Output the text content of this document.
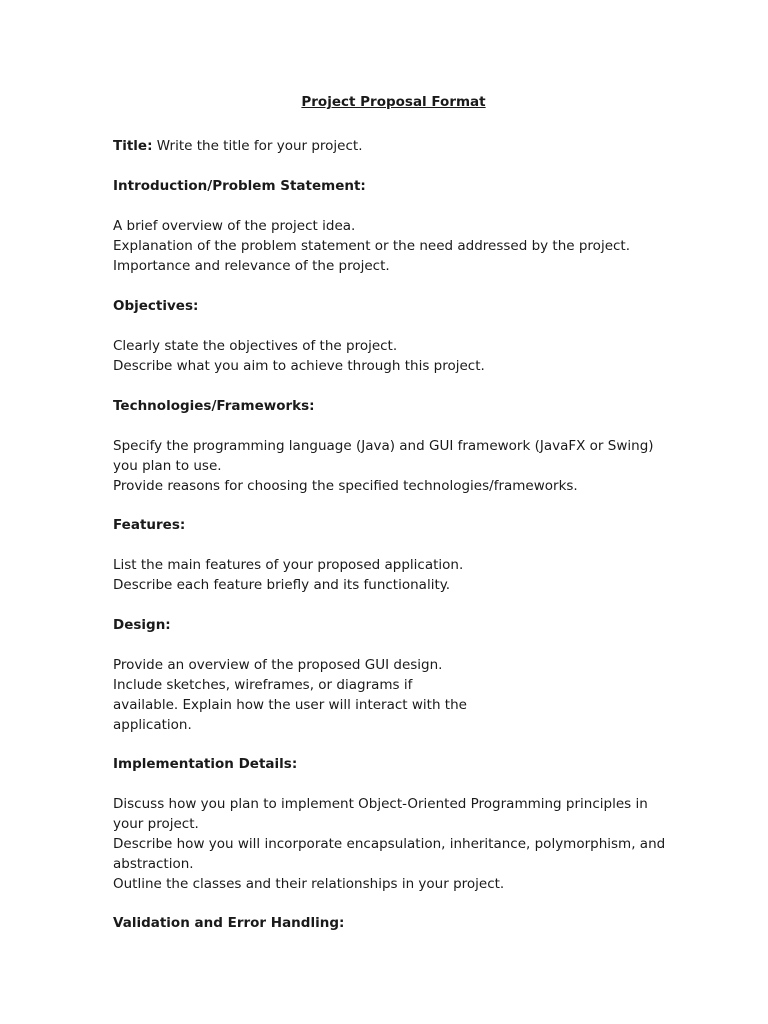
Project Proposal Format
Title: Write the title for your project.
Introduction/Problem Statement:

A brief overview of the project idea.

Explanation of the problem statement or the need addressed by the project.

Importance and relevance of the project.

Objectives:

Clearly state the objectives of the project.

Describe what you aim to achieve through this project.

Technologies/Frameworks:

Specify the programming language (Java) and GUI framework (JavaFX or Swing)

you plan to use.

Provide reasons for choosing the specified technologies/frameworks.

Features:

List the main features of your proposed application.

Describe each feature briefly and its functionality.

Design:

Provide an overview of the proposed GUI design.

Include sketches, wireframes, or diagrams if

available. Explain how the user will interact with the

application.

Implementation Details:

Discuss how you plan to implement Object-Oriented Programming principles in

your project.

Describe how you will incorporate encapsulation, inheritance, polymorphism, and

abstraction.

Outline the classes and their relationships in your project.

Validation and Error Handling:
